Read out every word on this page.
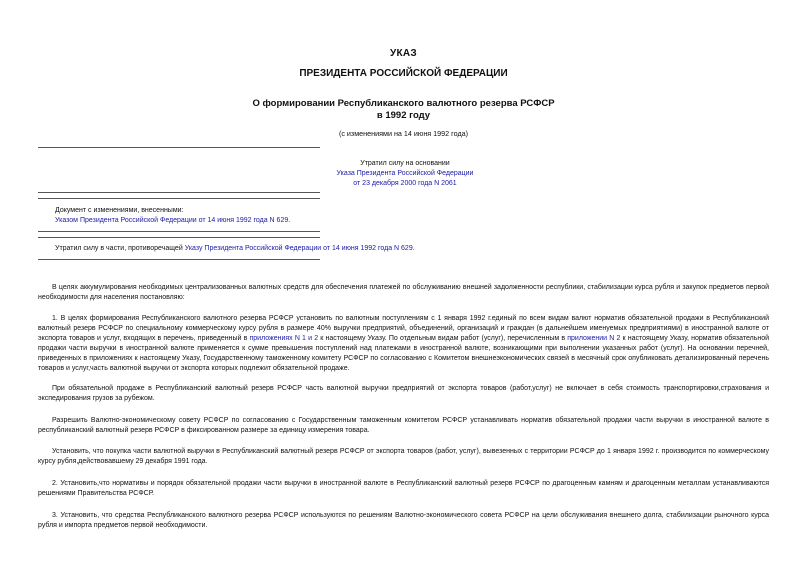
УКАЗ
ПРЕЗИДЕНТА РОССИЙСКОЙ ФЕДЕРАЦИИ
О формировании Республиканского валютного резерва РСФСР
в 1992 году
(с изменениями на 14 июня 1992 года)
Утратил силу на основании
Указа Президента Российской Федерации
от 23 декабря 2000 года N 2061
Документ с изменениями, внесенными:
Указом Президента Российской Федерации от 14 июня 1992 года N 629.
Утратил силу в части, противоречащей Указу Президента Российской Федерации от 14 июня 1992 года N 629.

В целях аккумулирования необходимых централизованных валютных средств для обеспечения платежей по обслуживанию внешней задолженности республики, стабилизации курса рубля и закупок предметов первой необходимости для населения постановляю:

1. В целях формирования Республиканского валютного резерва РСФСР установить по валютным поступлениям с 1 января 1992 г.единый по всем видам валют норматив обязательной продажи в Республиканский валютный резерв РСФСР по специальному коммерческому курсу рубля в размере 40% выручки предприятий, объединений, организаций и граждан (в дальнейшем именуемых предприятиями) в иностранной валюте от экспорта товаров и услуг, входящих в перечень, приведенный в приложениях N 1 и 2 к настоящему Указу. По отдельным видам работ (услуг), перечисленным в приложении N 2 к настоящему Указу, норматив обязательной продажи части выручки в иностранной валюте применяется к сумме превышения поступлений над платежами в иностранной валюте, возникающими при выполнении указанных работ (услуг). На основании перечней, приведенных в приложениях к настоящему Указу, Государственному таможенному комитету РСФСР по согласованию с Комитетом внешнеэкономических связей в месячный срок опубликовать детализированный перечень товаров и услуг,часть валютной выручки от экспорта которых подлежит обязательной продаже.

При обязательной продаже в Республиканский валютный резерв РСФСР часть валютной выручки предприятий от экспорта товаров (работ,услуг) не включает в себя стоимость транспортировки,страхования и экспедирования грузов за рубежом.

Разрешить Валютно-экономическому совету РСФСР по согласованию с Государственным таможенным комитетом РСФСР устанавливать норматив обязательной продажи части выручки в иностранной валюте в республиканский валютный резерв РСФСР в фиксированном размере за единицу измерения товара.

Установить, что покупка части валютной выручки в Республиканский валютный резерв РСФСР от экспорта товаров (работ, услуг), вывезенных с территории РСФСР до 1 января 1992 г. производится по коммерческому курсу рубля,действовавшему 29 декабря 1991 года.

2. Установить,что нормативы и порядок обязательной продажи части выручки в иностранной валюте в Республиканский валютный резерв РСФСР по драгоценным камням и драгоценным металлам устанавливаются решениями Правительства РСФСР.

3. Установить, что средства Республиканского валютного резерва РСФСР используются по решениям Валютно-экономического совета РСФСР на цели обслуживания внешнего долга, стабилизации рыночного курса рубля и импорта предметов первой необходимости.
